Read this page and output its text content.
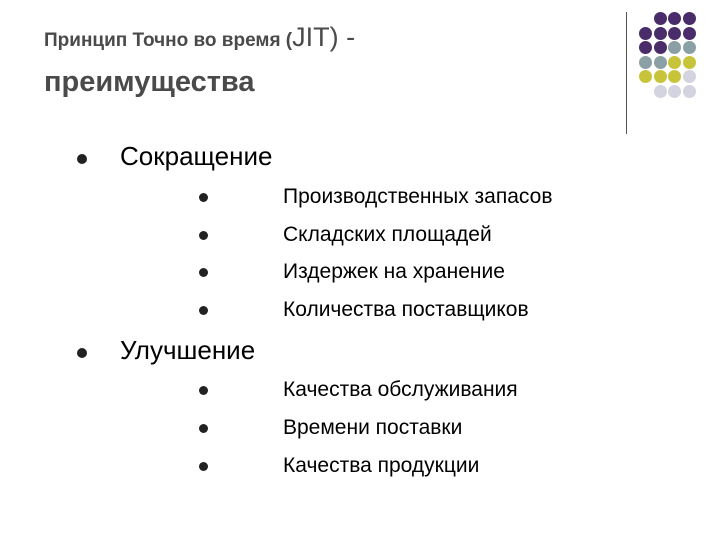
Принцип Точно во время (JIT) -
преимущества
Сокращение
Производственных запасов
Складских площадей
Издержек на хранение
Количества поставщиков
Улучшение
Качества обслуживания
Времени поставки
Качества продукции
